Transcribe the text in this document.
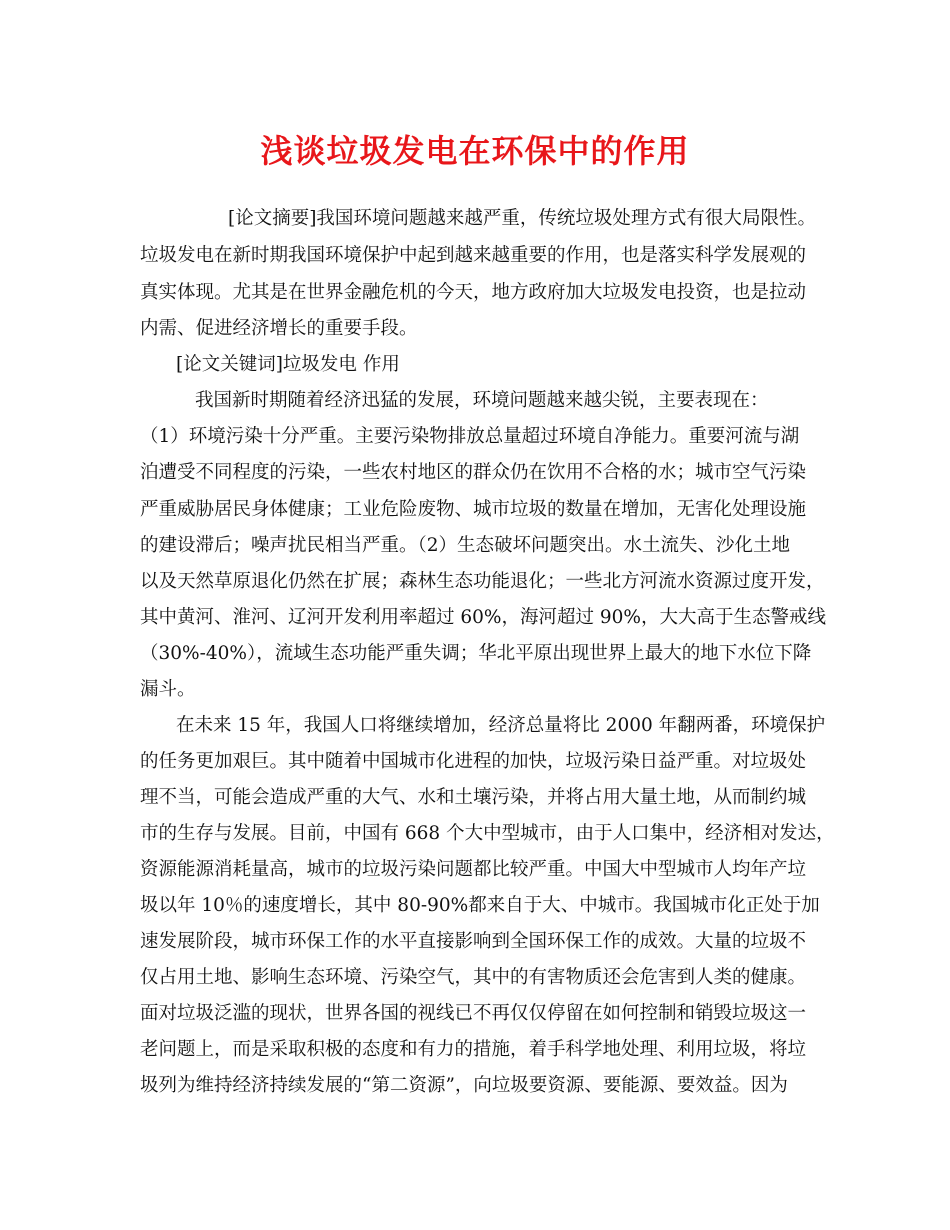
浅谈垃圾发电在环保中的作用
[论文摘要]我国环境问题越来越严重，传统垃圾处理方式有很大局限性。
垃圾发电在新时期我国环境保护中起到越来越重要的作用，也是落实科学发展观的
真实体现。尤其是在世界金融危机的今天，地方政府加大垃圾发电投资，也是拉动
内需、促进经济增长的重要手段。
[论文关键词]垃圾发电 作用
我国新时期随着经济迅猛的发展，环境问题越来越尖锐，主要表现在：
（1）环境污染十分严重。主要污染物排放总量超过环境自净能力。重要河流与湖
泊遭受不同程度的污染，一些农村地区的群众仍在饮用不合格的水；城市空气污染
严重威胁居民身体健康；工业危险废物、城市垃圾的数量在增加，无害化处理设施
的建设滞后；噪声扰民相当严重。（2）生态破坏问题突出。水土流失、沙化土地
以及天然草原退化仍然在扩展；森林生态功能退化；一些北方河流水资源过度开发，
其中黄河、淮河、辽河开发利用率超过 60%，海河超过 90%，大大高于生态警戒线
（30%-40%），流域生态功能严重失调；华北平原出现世界上最大的地下水位下降
漏斗。
在未来 15 年，我国人口将继续增加，经济总量将比 2000 年翻两番，环境保护
的任务更加艰巨。其中随着中国城市化进程的加快，垃圾污染日益严重。对垃圾处
理不当，可能会造成严重的大气、水和土壤污染，并将占用大量土地，从而制约城
市的生存与发展。目前，中国有 668 个大中型城市，由于人口集中，经济相对发达，
资源能源消耗量高，城市的垃圾污染问题都比较严重。中国大中型城市人均年产垃
圾以年 10％的速度增长，其中 80-90%都来自于大、中城市。我国城市化正处于加
速发展阶段，城市环保工作的水平直接影响到全国环保工作的成效。大量的垃圾不
仅占用土地、影响生态环境、污染空气，其中的有害物质还会危害到人类的健康。
面对垃圾泛滥的现状，世界各国的视线已不再仅仅停留在如何控制和销毁垃圾这一
老问题上，而是采取积极的态度和有力的措施，着手科学地处理、利用垃圾，将垃
圾列为维持经济持续发展的“第二资源”，向垃圾要资源、要能源、要效益。因为
